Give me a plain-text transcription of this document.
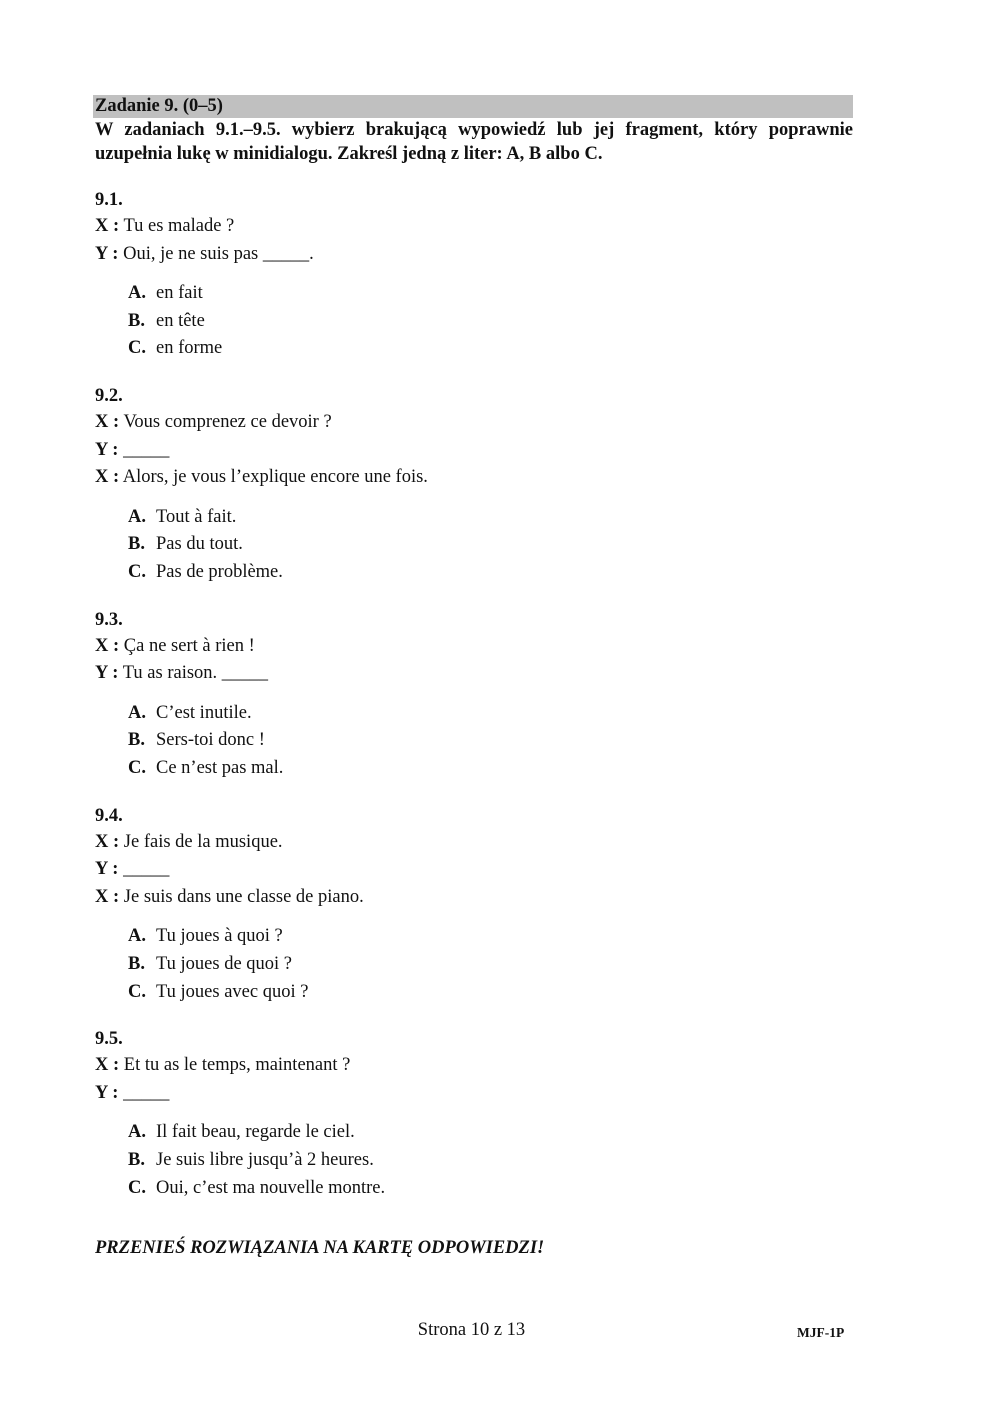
Zadanie 9. (0–5)
W zadaniach 9.1.–9.5. wybierz brakującą wypowiedź lub jej fragment, który poprawnie uzupełnia lukę w minidialogu. Zakreśl jedną z liter: A, B albo C.
9.1.
X : Tu es malade ?
Y : Oui, je ne suis pas _____.
A. en fait
B. en tête
C. en forme
9.2.
X : Vous comprenez ce devoir ?
Y : _____
X : Alors, je vous l’explique encore une fois.
A. Tout à fait.
B. Pas du tout.
C. Pas de problème.
9.3.
X : Ça ne sert à rien !
Y : Tu as raison. _____
A. C’est inutile.
B. Sers-toi donc !
C. Ce n’est pas mal.
9.4.
X : Je fais de la musique.
Y : _____
X : Je suis dans une classe de piano.
A. Tu joues à quoi ?
B. Tu joues de quoi ?
C. Tu joues avec quoi ?
9.5.
X : Et tu as le temps, maintenant ?
Y : _____
A. Il fait beau, regarde le ciel.
B. Je suis libre jusqu’à 2 heures.
C. Oui, c’est ma nouvelle montre.
PRZENIEŚ ROZWIĄZANIA NA KARTĘ ODPOWIEDZI!
Strona 10 z 13	MJF-1P
